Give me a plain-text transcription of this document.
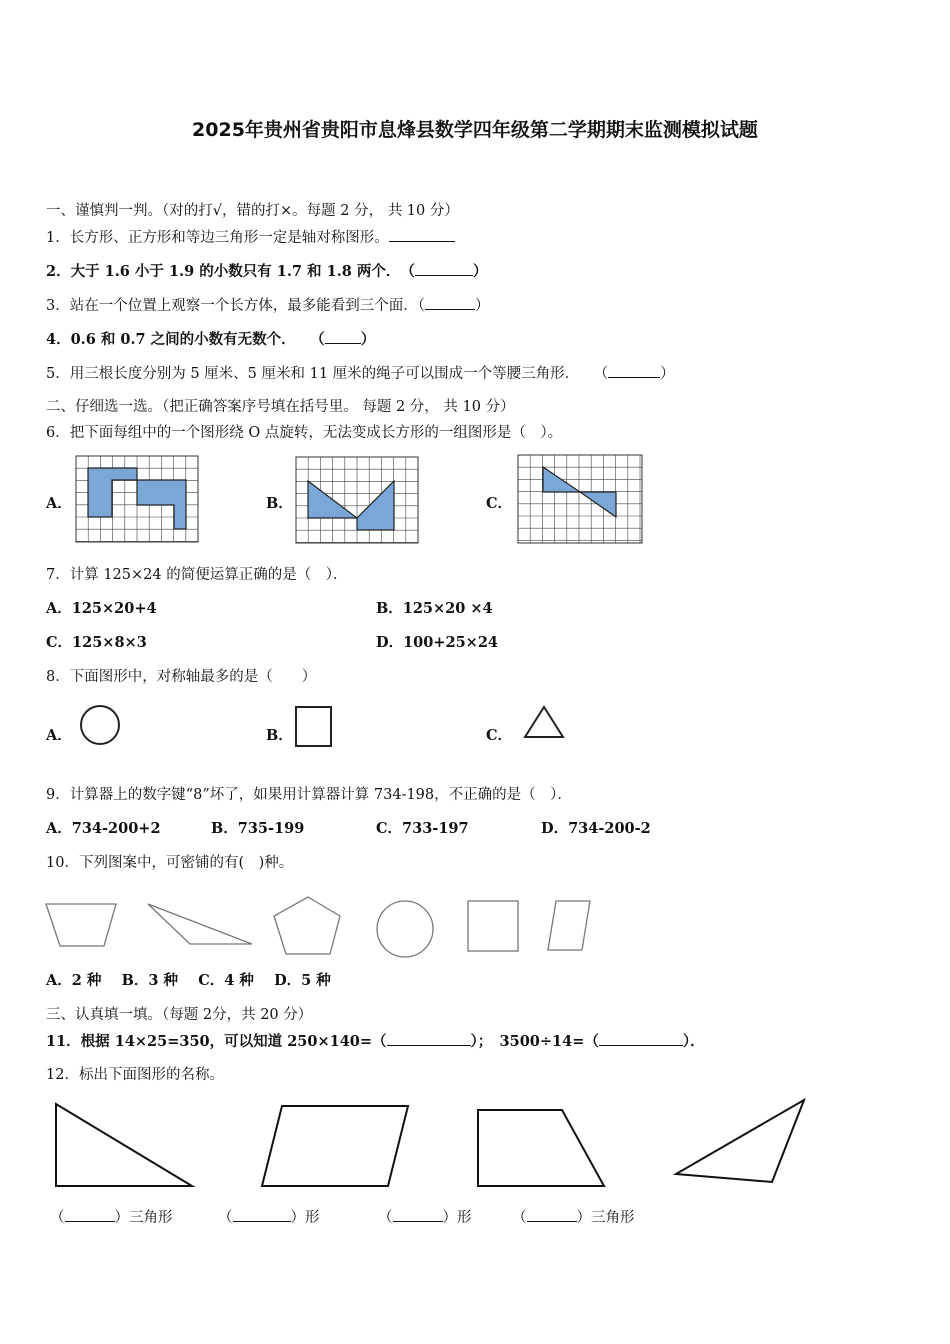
2025年贵州省贵阳市息烽县数学四年级第二学期期末监测模拟试题
一、谨慎判一判。（对的打√，错的打×。每题 2 分， 共 10 分）
1．长方形、正方形和等边三角形一定是轴对称图形。
2．大于 1.6 小于 1.9 的小数只有 1.7 和 1.8 两个．　 （	）
3．站在一个位置上观察一个长方体，最多能看到三个面．（	）
4．0.6 和 0.7 之间的小数有无数个．　　（ ）
5．用三根长度分别为 5 厘米、5 厘米和 11 厘米的绳子可以围成一个等腰三角形．　　（	）
二、仔细选一选。（把正确答案序号填在括号里。 每题 2 分， 共 10 分）
6．把下面每组中的一个图形绕 O 点旋转，无法变成长方形的一组图形是（　）。
A．	B．	C．
7．计算 125×24 的简便运算正确的是（　）．
A．125×20+4	B．125×20 ×4
C．125×8×3	D．100+25×24
8．下面图形中，对称轴最多的是（　　）
A．	B．	C．
9．计算器上的数字键“8”坏了，如果用计算器计算 734-198，不正确的是（　）．
A．734-200+2	B．735-199	C．733-197	D．734-200-2
10．下列图案中，可密铺的有(　)种。
A．2 种 B．3 种 C．4 种 D．5 种
三、认真填一填。（每题 2分，共 20 分）
11．根据 14×25=350，可以知道 250×140=（	）；　3500÷14=（	）．
12．标出下面图形的名称。
（	）三角形	（	）形	（	）形	（	）三角形
